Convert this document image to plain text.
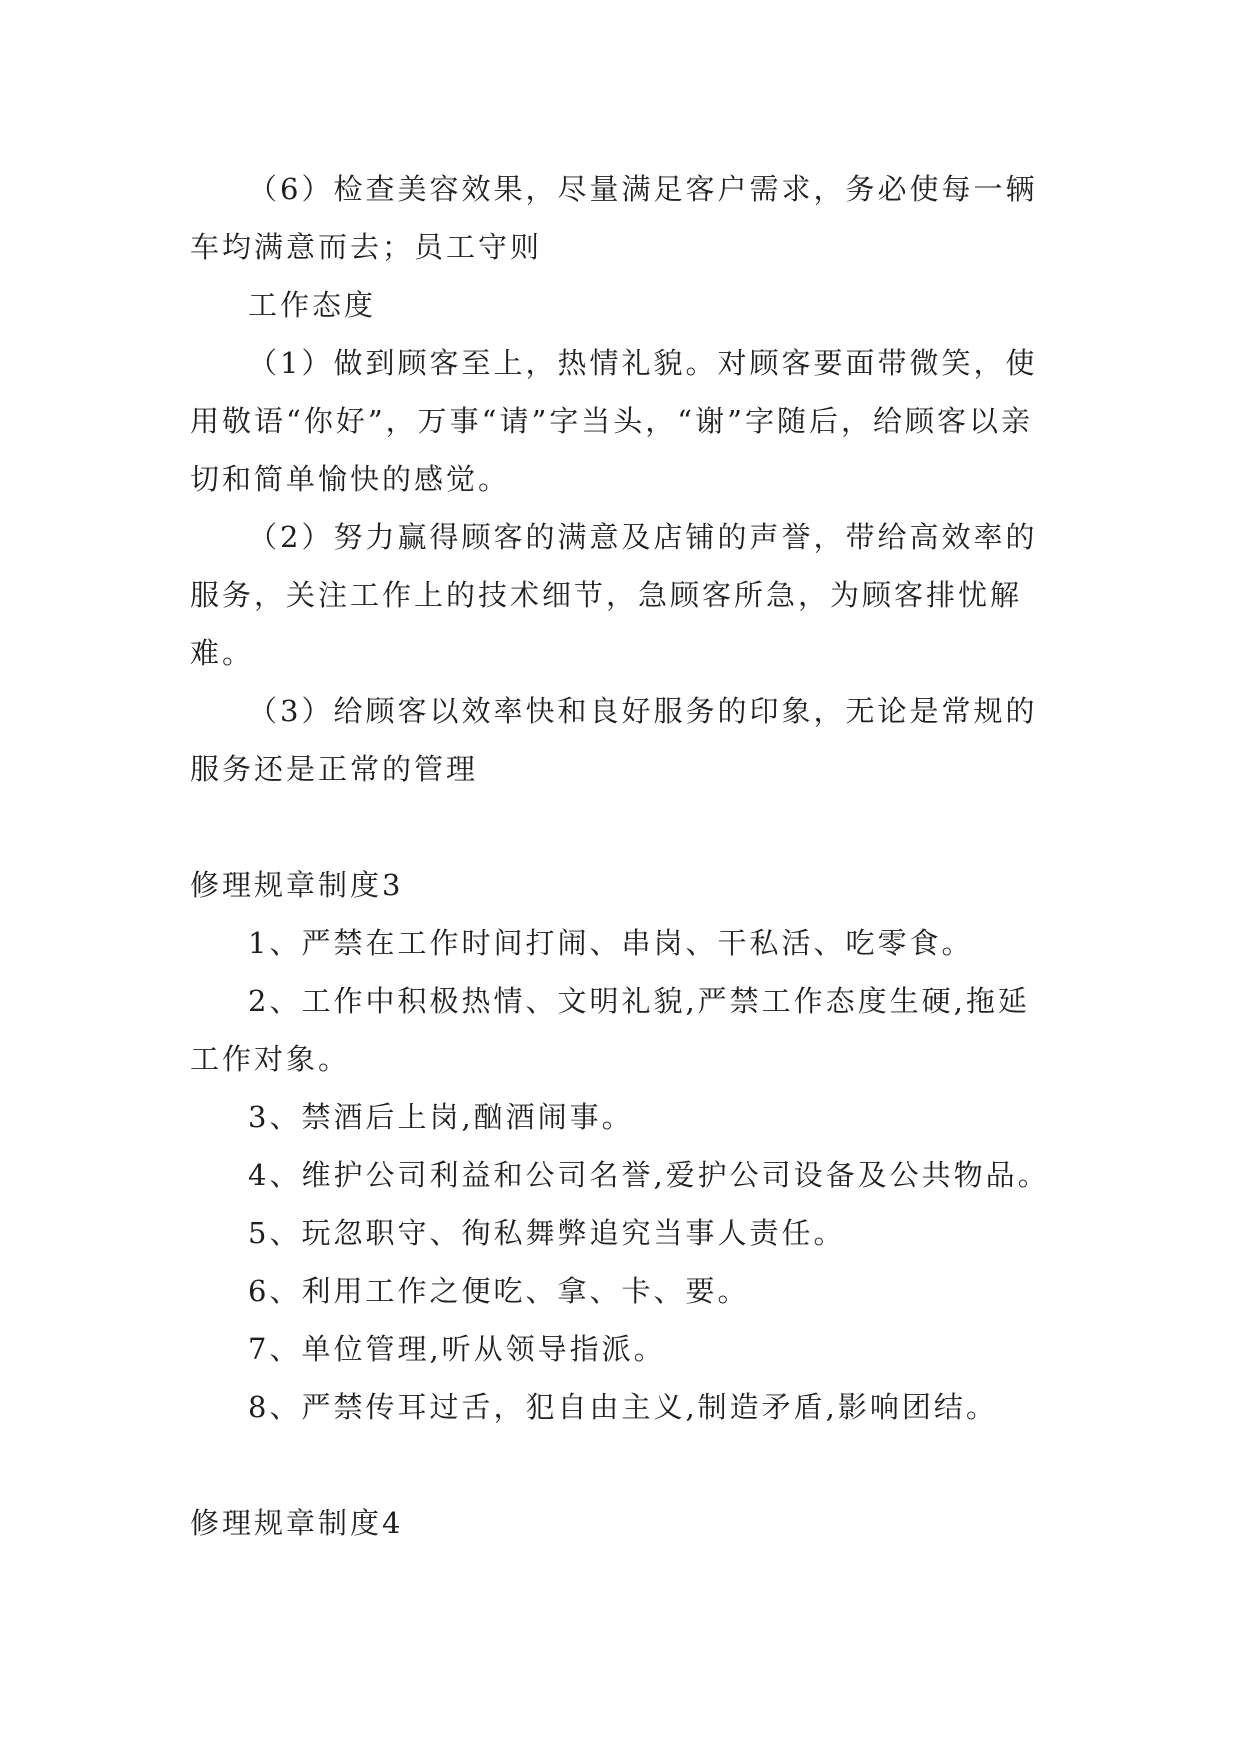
（6）检查美容效果，尽量满足客户需求，务必使每一辆车均满意而去；员工守则

工作态度

（1）做到顾客至上，热情礼貌。对顾客要面带微笑，使用敬语“你好”，万事“请”字当头，“谢”字随后，给顾客以亲切和简单愉快的感觉。

（2）努力赢得顾客的满意及店铺的声誉，带给高效率的服务，关注工作上的技术细节，急顾客所急，为顾客排忧解难。

（3）给顾客以效率快和良好服务的印象，无论是常规的服务还是正常的管理

修理规章制度3

1、严禁在工作时间打闹、串岗、干私活、吃零食。

2、工作中积极热情、文明礼貌,严禁工作态度生硬,拖延工作对象。

3、禁酒后上岗,酗酒闹事。

4、维护公司利益和公司名誉,爱护公司设备及公共物品。

5、玩忽职守、徇私舞弊追究当事人责任。

6、利用工作之便吃、拿、卡、要。

7、单位管理,听从领导指派。

8、严禁传耳过舌，犯自由主义,制造矛盾,影响团结。

修理规章制度4
